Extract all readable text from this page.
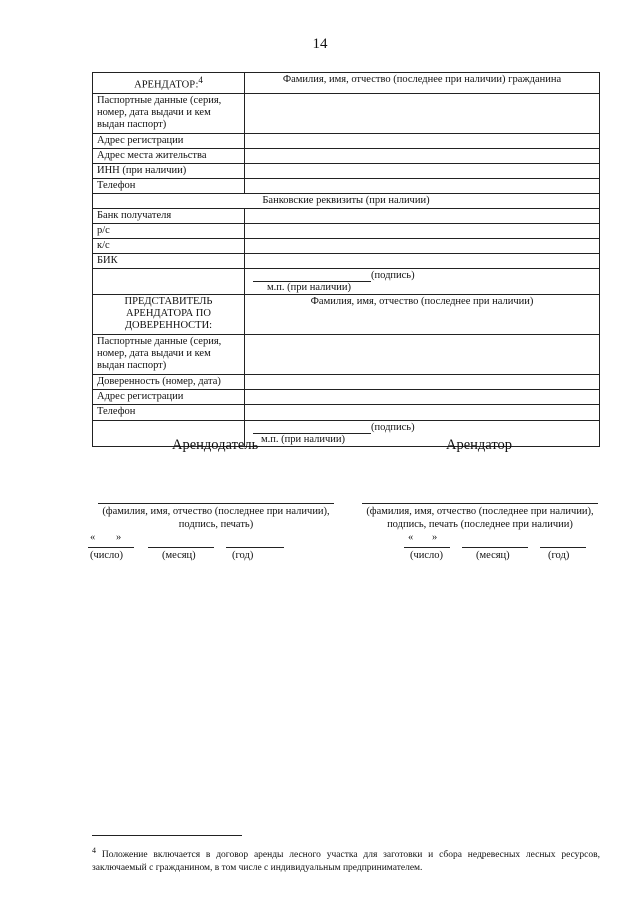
14
АРЕНДАТОР:$^4$	Фамилия, имя, отчество (последнее при наличии) гражданина
Паспортные данные (серия, номер, дата выдачи и кем выдан паспорт)	
Адрес регистрации	
Адрес места жительства	
ИНН (при наличии)	
Телефон	
Банковские реквизиты (при наличии)	
Банк получателя	
р/с	
к/с	
БИК	

	(подпись)
м.п. (при наличии)

ПРЕДСТАВИТЕЛЬ АРЕНДАТОРА ПО ДОВЕРЕННОСТИ:	Фамилия, имя, отчество (последнее при наличии)
Паспортные данные (серия, номер, дата выдачи и кем выдан паспорт)	
Доверенность (номер, дата)	
Адрес регистрации	
Телефон	

	(подпись)
м.п. (при наличии)
Арендодатель
(фамилия, имя, отчество (последнее при наличии), подпись, печать)
« »
(число)	(месяц)	(год)
Арендатор
(фамилия, имя, отчество (последнее при наличии), подпись, печать (последнее при наличии)
« »
(число)	(месяц)	(год)
$^4$ Положение включается в договор аренды лесного участка для заготовки и сбора недревесных лесных ресурсов, заключаемый с гражданином, в том числе с индивидуальным предпринимателем.
